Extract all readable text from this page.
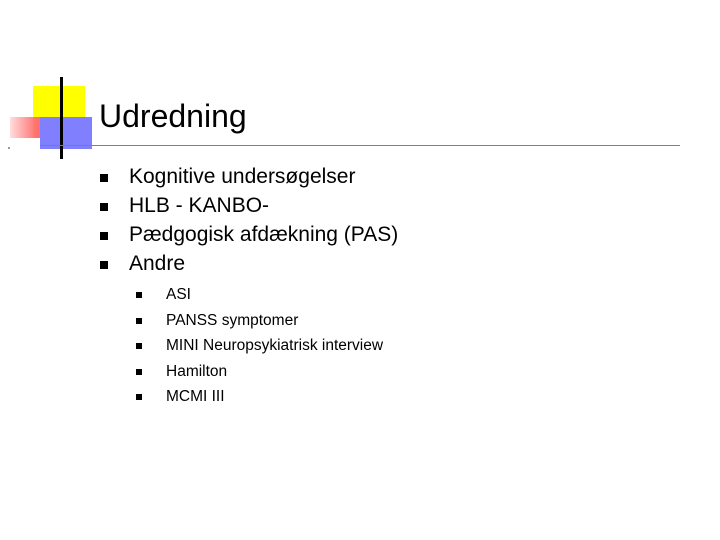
Udredning
Kognitive undersøgelser
HLB - KANBO-
Pædgogisk afdækning (PAS)
Andre
ASI
PANSS symptomer
MINI Neuropsykiatrisk interview
Hamilton
MCMI III
